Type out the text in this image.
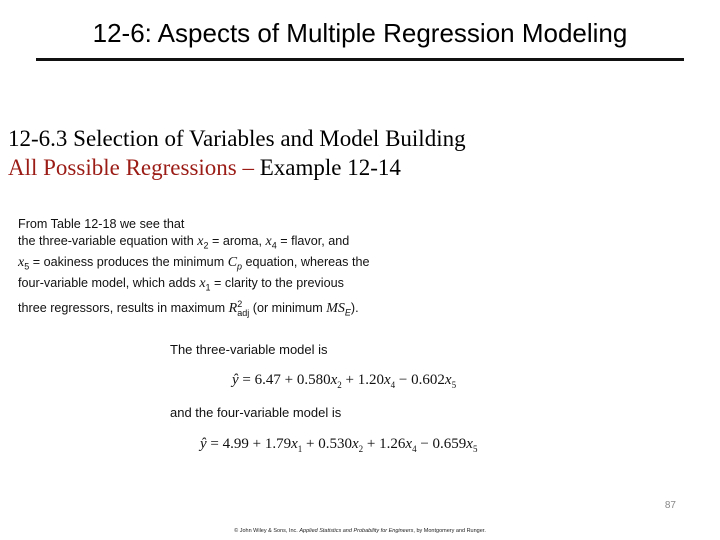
12-6: Aspects of Multiple Regression Modeling
12-6.3 Selection of Variables and Model Building
All Possible Regressions – Example 12-14
From Table 12-18 we see that
the three-variable equation with $x_2$ = aroma, $x_4$ = flavor, and
$x_5$ = oakiness produces the minimum $C_p$ equation, whereas the
four-variable model, which adds $x_1$ = clarity to the previous
three regressors, results in maximum $R^2_{adj}$ (or minimum $MS_E$).
The three-variable model is
ŷ = $6.47 + 0.580x_2 + 1.20x_4 - 0.602x_5$
and the four-variable model is
ŷ = $4.99 + 1.79x_1 + 0.530x_2 + 1.26x_4 - 0.659x_5$
87
© John Wiley & Sons, Inc. Applied Statistics and Probability for Engineers, by Montgomery and Runger.
